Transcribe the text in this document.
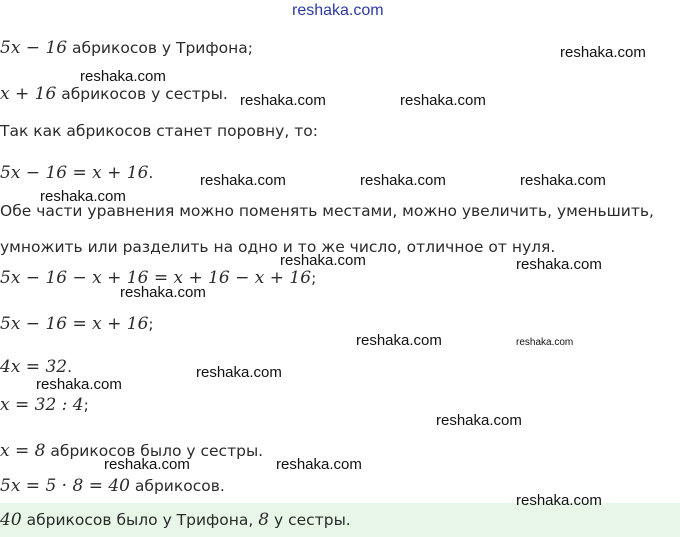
reshaka.com
5x − 16 абрикосов у Трифона;
x + 16 абрикосов у сестры.
Так как абрикосов станет поровну, то:
5x − 16 = x + 16.
Обе части уравнения можно поменять местами, можно увеличить, уменьшить,
умножить или разделить на одно и то же число, отличное от нуля.
5x − 16 − x + 16 = x + 16 − x + 16;
5x − 16 = x + 16;
4x = 32.
x = 32 : 4;
x = 8 абрикосов было у сестры.
5x = 5 · 8 = 40 абрикосов.
40 абрикосов было у Трифона, 8 у сестры.
reshaka.com
reshaka.com
reshaka.com	reshaka.com
reshaka.com	reshaka.com	reshaka.com
reshaka.com
reshaka.com	reshaka.com
reshaka.com
reshaka.com	reshaka.com
reshaka.com
reshaka.com
reshaka.com
reshaka.com	reshaka.com
reshaka.com
